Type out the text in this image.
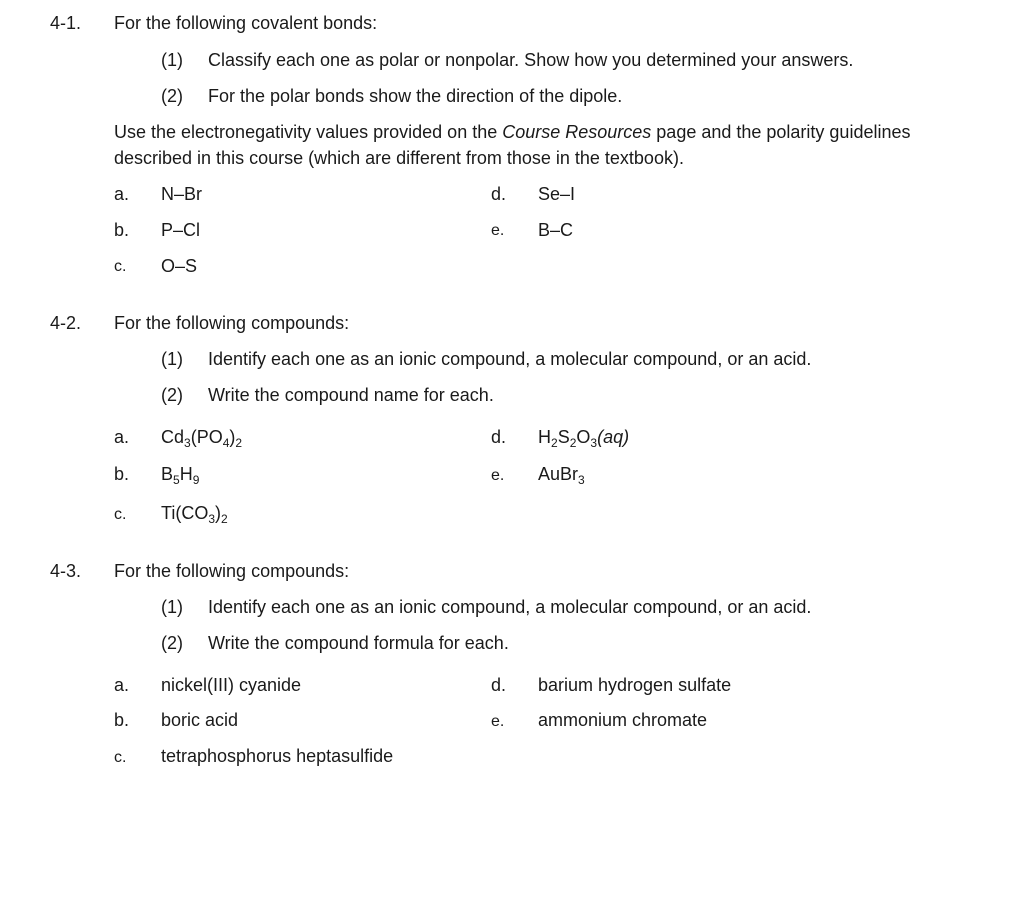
4-1. For the following covalent bonds:
(1) Classify each one as polar or nonpolar. Show how you determined your answers.
(2) For the polar bonds show the direction of the dipole.
Use the electronegativity values provided on the Course Resources page and the polarity guidelines described in this course (which are different from those in the textbook).
a. N–Br
b. P–Cl
c. O–S
d. Se–I
e. B–C
4-2. For the following compounds:
(1) Identify each one as an ionic compound, a molecular compound, or an acid.
(2) Write the compound name for each.
a. $Cd_3(PO_4)_2$
b. $B_5H_9$
c. $Ti(CO_3)_2$
d. $H_2S_2O_3(aq)$
e. AuBr$_3$
4-3. For the following compounds:
(1) Identify each one as an ionic compound, a molecular compound, or an acid.
(2) Write the compound formula for each.
a. nickel(III) cyanide
b. boric acid
c. tetraphosphorus heptasulfide
d. barium hydrogen sulfate
e. ammonium chromate
